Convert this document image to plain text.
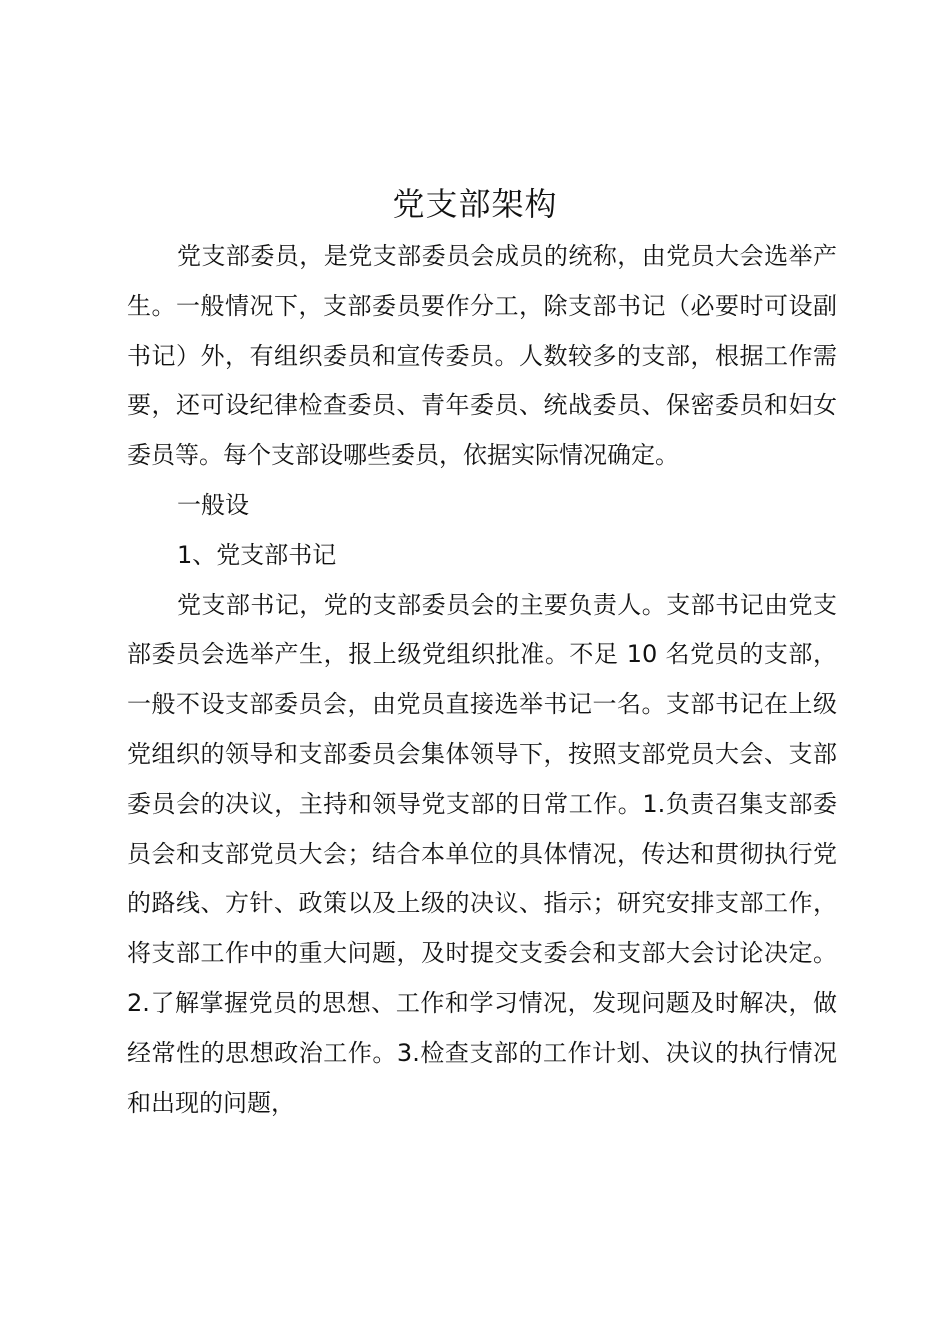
党支部架构

党支部委员，是党支部委员会成员的统称，由党员大会选举产生。一般情况下，支部委员要作分工，除支部书记（必要时可设副书记）外，有组织委员和宣传委员。人数较多的支部，根据工作需要，还可设纪律检查委员、青年委员、统战委员、保密委员和妇女委员等。每个支部设哪些委员，依据实际情况确定。

一般设

1、党支部书记

党支部书记，党的支部委员会的主要负责人。支部书记由党支部委员会选举产生，报上级党组织批准。不足 10 名党员的支部，一般不设支部委员会，由党员直接选举书记一名。支部书记在上级党组织的领导和支部委员会集体领导下，按照支部党员大会、支部委员会的决议，主持和领导党支部的日常工作。1.负责召集支部委员会和支部党员大会；结合本单位的具体情况，传达和贯彻执行党的路线、方针、政策以及上级的决议、指示；研究安排支部工作，将支部工作中的重大问题，及时提交支委会和支部大会讨论决定。2.了解掌握党员的思想、工作和学习情况，发现问题及时解决，做经常性的思想政治工作。3.检查支部的工作计划、决议的执行情况和出现的问题，
